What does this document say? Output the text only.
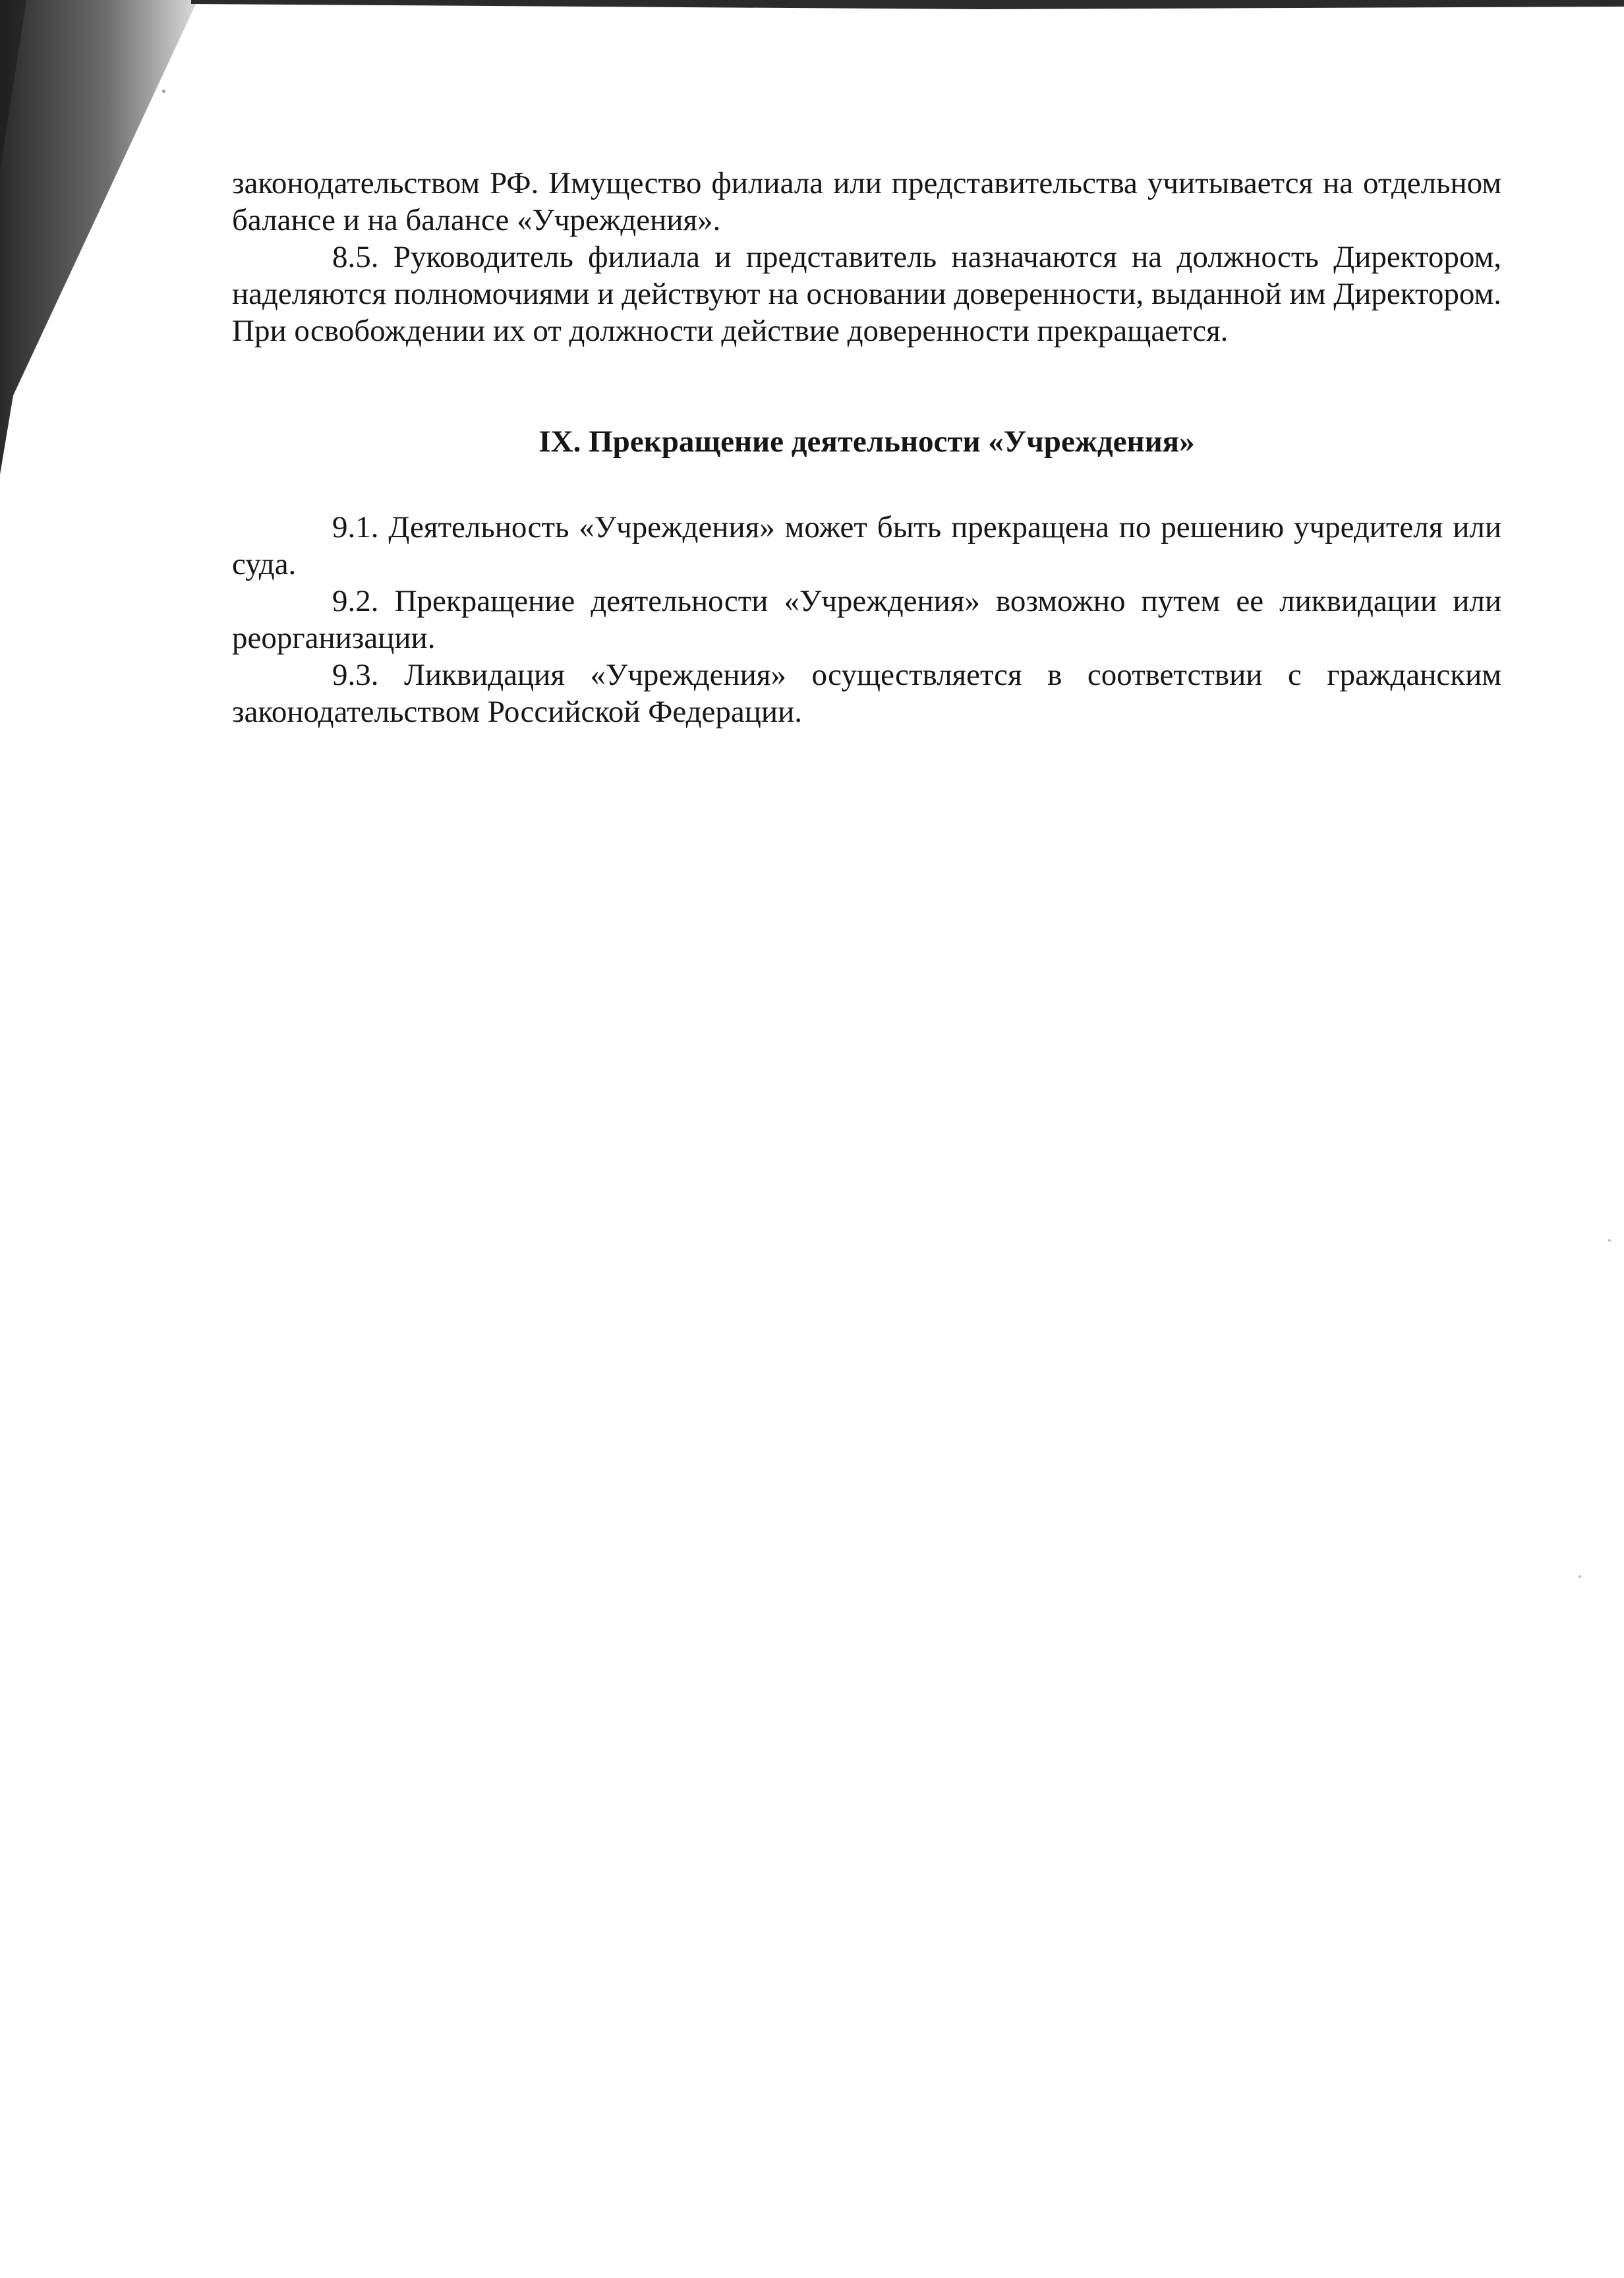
законодательством РФ. Имущество филиала или представительства учитывается на отдельном балансе и на балансе «Учреждения».

8.5. Руководитель филиала и представитель назначаются на должность Директором, наделяются полномочиями и действуют на основании доверенности, выданной им Директором. При освобождении их от должности действие доверенности прекращается.

IX. Прекращение деятельности «Учреждения»

9.1. Деятельность «Учреждения» может быть прекращена по решению учредителя или суда.

9.2. Прекращение деятельности «Учреждения» возможно путем ее ликвидации или реорганизации.

9.3. Ликвидация «Учреждения» осуществляется в соответствии с гражданским законодательством Российской Федерации.
